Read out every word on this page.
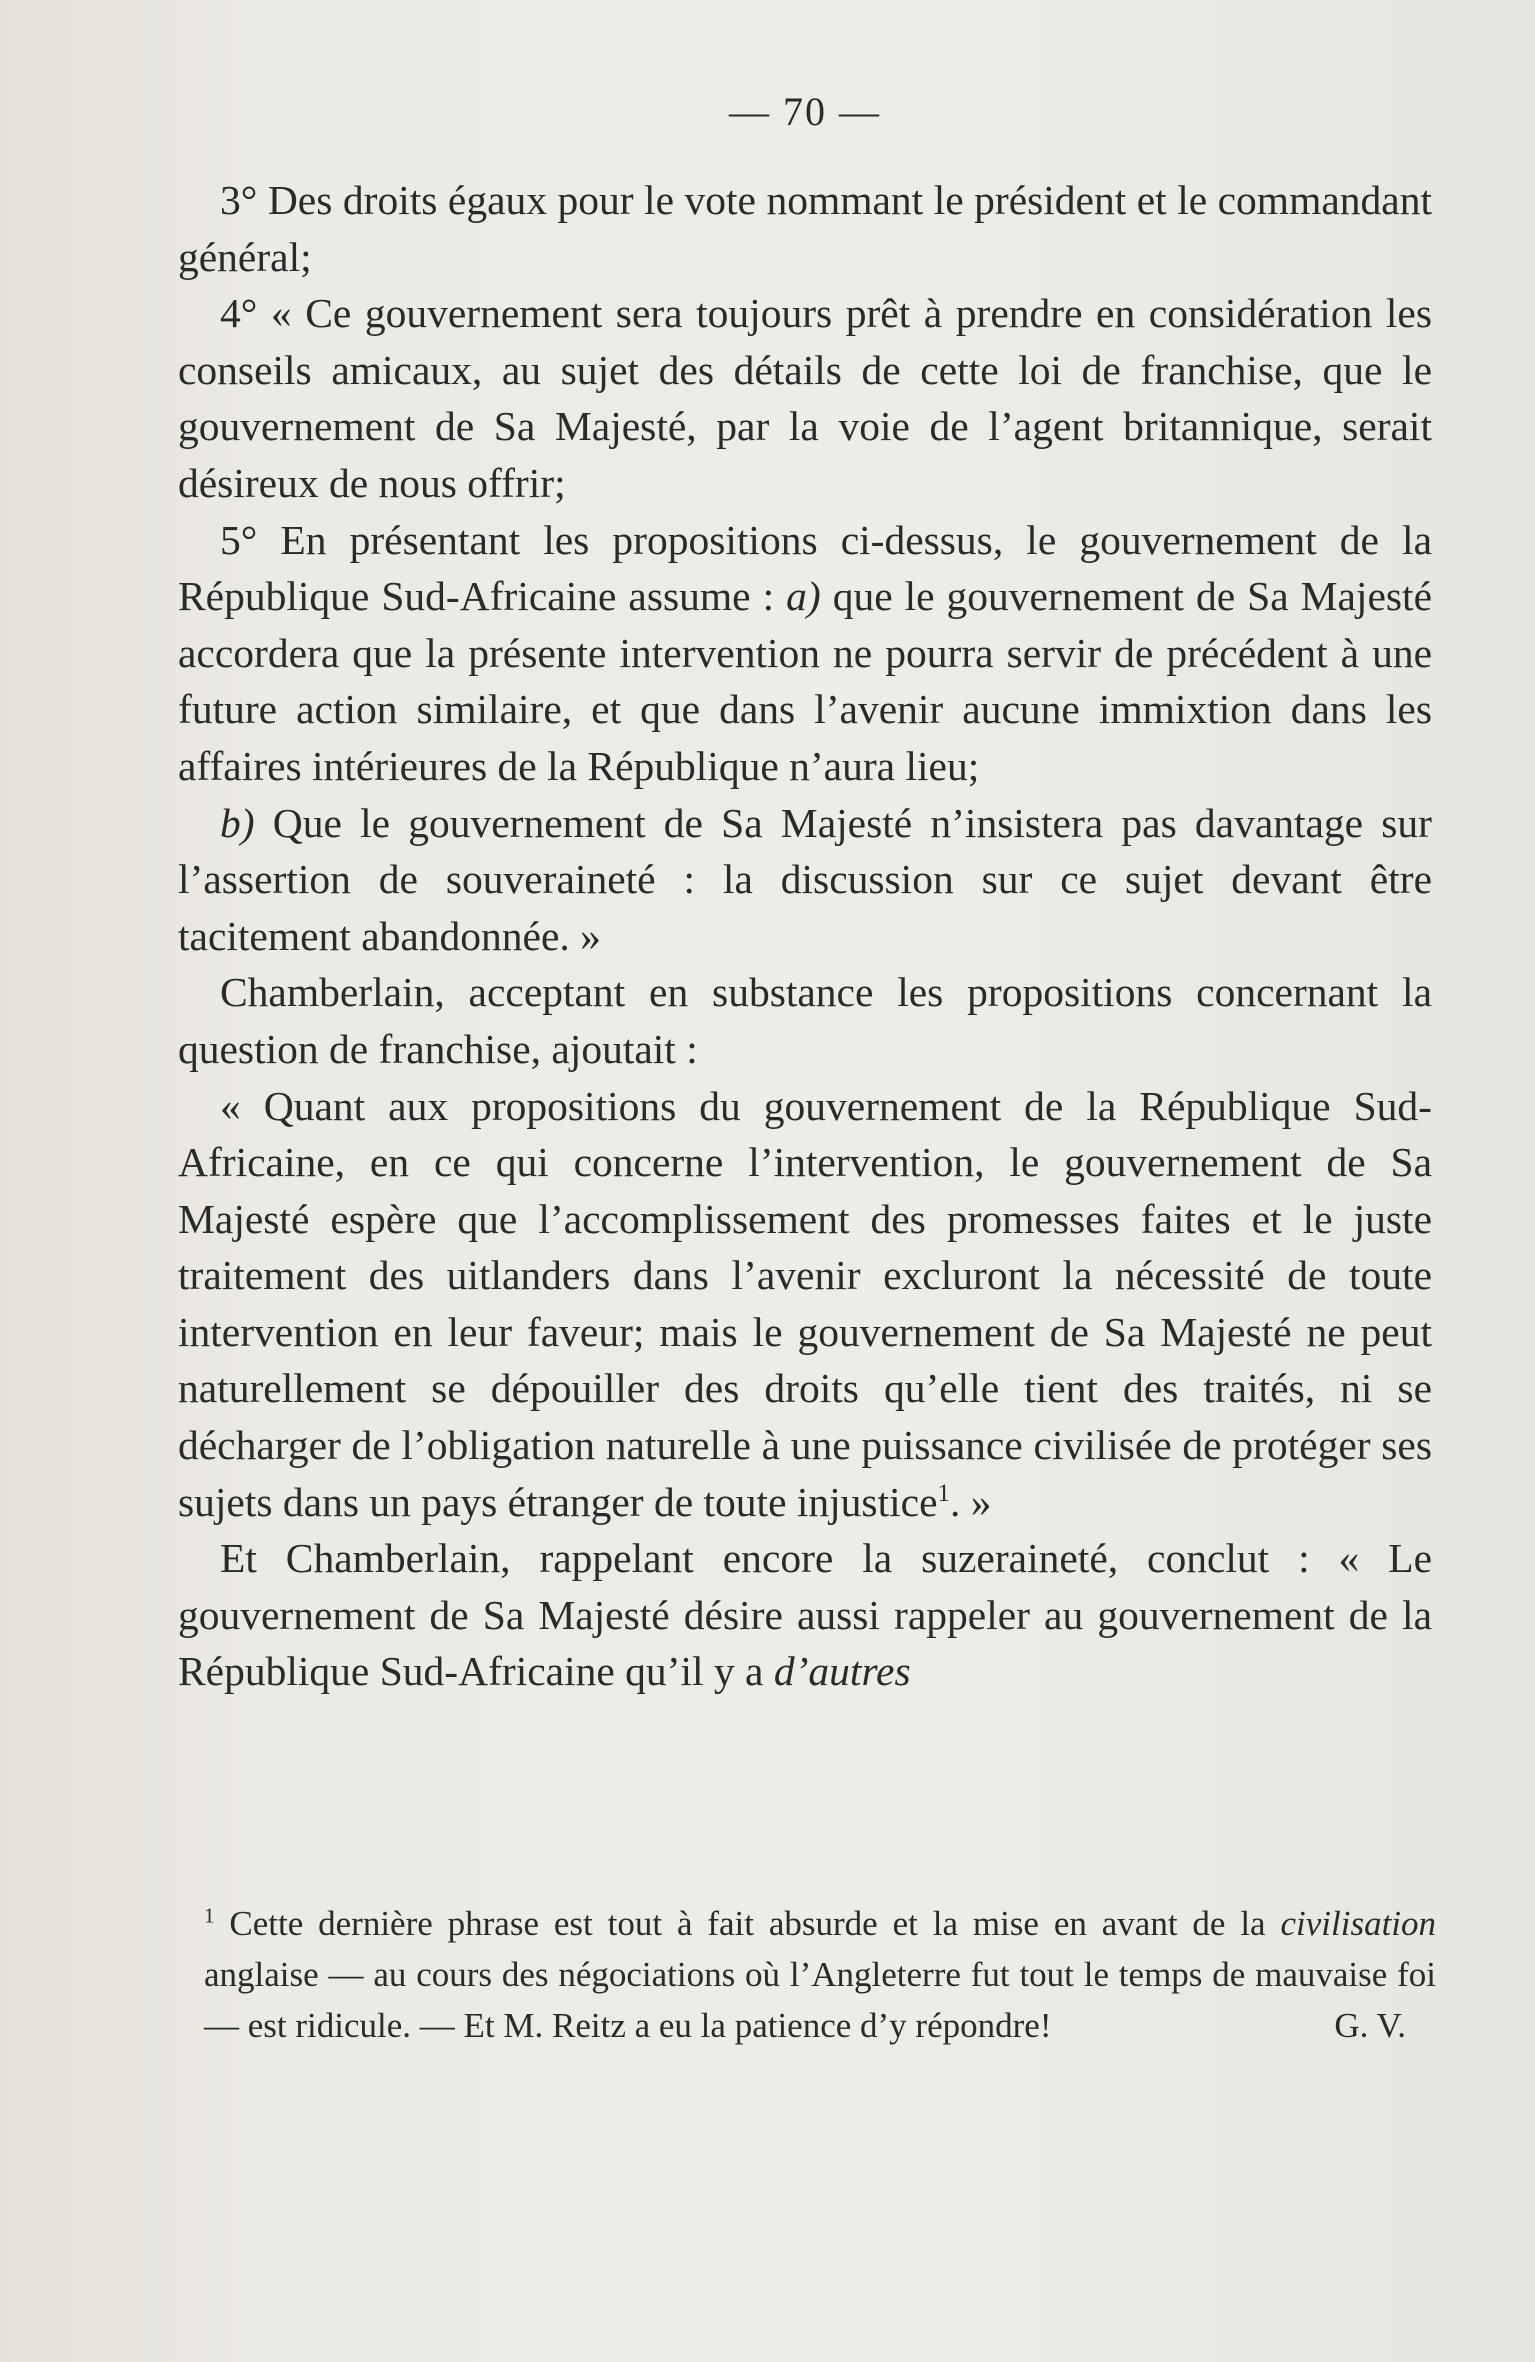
— 70 —

3° Des droits égaux pour le vote nommant le président et le commandant général;

4° « Ce gouvernement sera toujours prêt à prendre en considération les conseils amicaux, au sujet des détails de cette loi de franchise, que le gouvernement de Sa Majesté, par la voie de l’agent britannique, serait désireux de nous offrir;

5° En présentant les propositions ci-dessus, le gouvernement de la République Sud-Africaine assume : a) que le gouvernement de Sa Majesté accordera que la présente intervention ne pourra servir de précédent à une future action similaire, et que dans l’avenir aucune immixtion dans les affaires intérieures de la République n’aura lieu;

b) Que le gouvernement de Sa Majesté n’insistera pas davantage sur l’assertion de souveraineté : la discussion sur ce sujet devant être tacitement abandonnée. »

Chamberlain, acceptant en substance les propositions concernant la question de franchise, ajoutait :

« Quant aux propositions du gouvernement de la République Sud-Africaine, en ce qui concerne l’intervention, le gouvernement de Sa Majesté espère que l’accomplissement des promesses faites et le juste traitement des uitlanders dans l’avenir excluront la nécessité de toute intervention en leur faveur; mais le gouvernement de Sa Majesté ne peut naturellement se dépouiller des droits qu’elle tient des traités, ni se décharger de l’obligation naturelle à une puissance civilisée de protéger ses sujets dans un pays étranger de toute injustice$^1$. »

Et Chamberlain, rappelant encore la suzeraineté, conclut : « Le gouvernement de Sa Majesté désire aussi rappeler au gouvernement de la République Sud-Africaine qu’il y a d’autres

$^1$ Cette dernière phrase est tout à fait absurde et la mise en avant de la civilisation anglaise — au cours des négociations où l’Angleterre fut tout le temps de mauvaise foi — est ridicule. — Et M. Reitz a eu la patience d’y répondre!	G. V.
